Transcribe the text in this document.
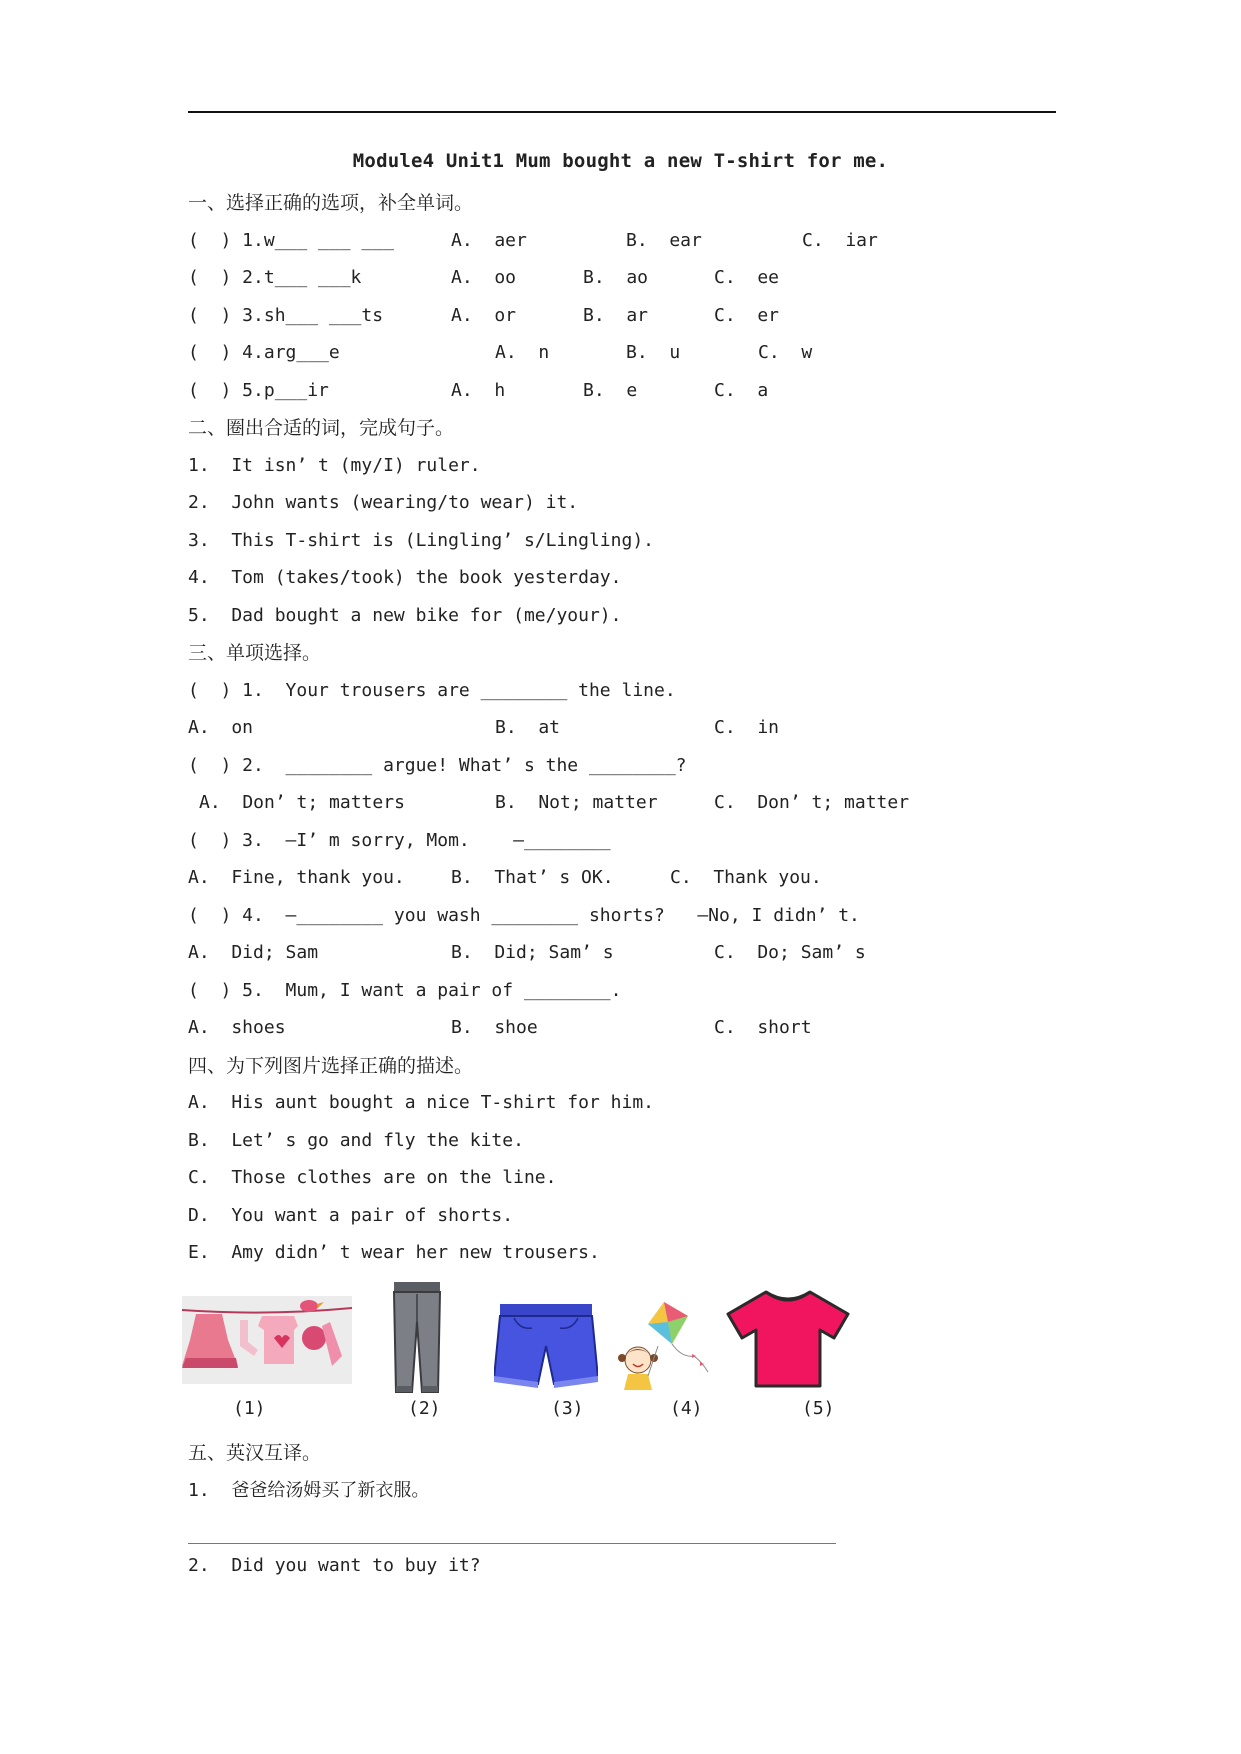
Module4 Unit1 Mum bought a new T-shirt for me.
一、选择正确的选项，补全单词。
(  ) 1.w___ ___ ___	A.  aer	B.  ear	C.  iar
(  ) 2.t___ ___k	A.  oo	B.  ao	C.  ee
(  ) 3.sh___ ___ts	A.  or	B.  ar	C.  er
(  ) 4.arg___e	A.  n	B.  u	C.  w
(  ) 5.p___ir	A.  h	B.  e	C.  a
二、圈出合适的词，完成句子。
1.  It isn’ t (my/I) ruler.
2.  John wants (wearing/to wear) it.
3.  This T-shirt is (Lingling’ s/Lingling).
4.  Tom (takes/took) the book yesterday.
5.  Dad bought a new bike for (me/your).
三、单项选择。
(  ) 1.  Your trousers are ________ the line.
A.  on	B.  at	C.  in
(  ) 2.  ________ argue! What’ s the ________?
A.  Don’ t; matters	B.  Not; matter	C.  Don’ t; matter
(  ) 3.  —I’ m sorry, Mom.    —________
A.  Fine, thank you.	B.  That’ s OK.	C.  Thank you.
(  ) 4.  —________ you wash ________ shorts?   —No, I didn’ t.
A.  Did; Sam	B.  Did; Sam’ s	C.  Do; Sam’ s
(  ) 5.  Mum, I want a pair of ________.
A.  shoes	B.  shoe	C.  short
四、为下列图片选择正确的描述。
A.  His aunt bought a nice T-shirt for him.
B.  Let’ s go and fly the kite.
C.  Those clothes are on the line.
D.  You want a pair of shorts.
E.  Amy didn’ t wear her new trousers.
(1)	(2)	(3)	(4)	(5)
五、英汉互译。
1.  爸爸给汤姆买了新衣服。
2.  Did you want to buy it?
